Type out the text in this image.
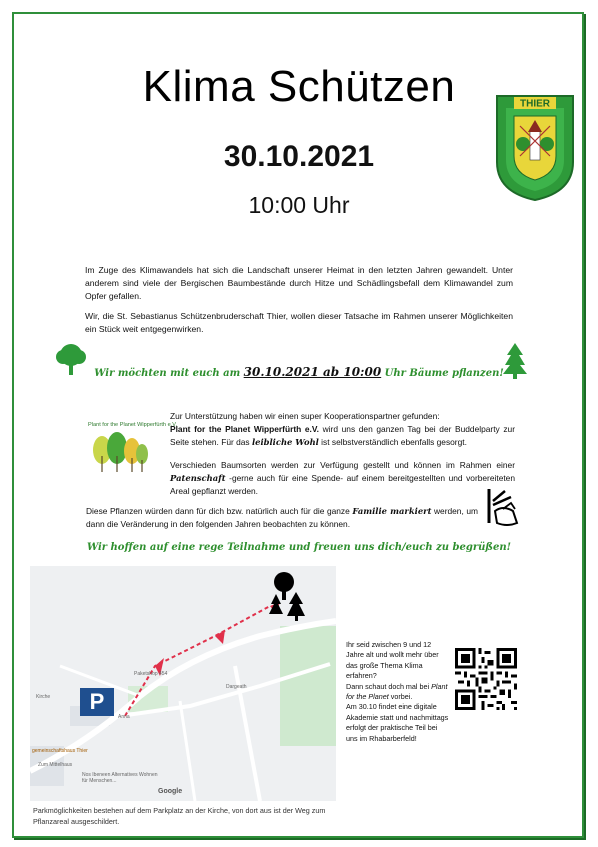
Klima Schützen
30.10.2021
10:00 Uhr
THIER

Im Zuge des Klimawandels hat sich die Landschaft unserer Heimat in den letzten Jahren gewandelt. Unter anderem sind viele der Bergischen Baumbestände durch Hitze und Schädlingsbefall dem Klimawandel zum Opfer gefallen.

Wir, die St. Sebastianus Schützenbruderschaft Thier, wollen dieser Tatsache im Rahmen unserer Möglichkeiten ein Stück weit entgegenwirken.

Wir möchten mit euch am 30.10.2021 ab 10:00 Uhr Bäume pflanzen!
Plant for the Planet Wipperfürth e.V.

Zur Unterstützung haben wir einen super Kooperationspartner gefunden:

Plant for the Planet Wipperfürth e.V. wird uns den ganzen Tag bei der Buddelparty zur Seite stehen. Für das leibliche Wohl ist selbstverständlich ebenfalls gesorgt.

Verschieden Baumsorten werden zur Verfügung gestellt und können im Rahmen einer Patenschaft -gerne auch für eine Spende- auf einem bereitgestellten und vorbereiteten Areal gepflanzt werden.

Diese Pflanzen würden dann für dich bzw. natürlich auch für die ganze Familie markiert werden, um dann die Veränderung in den folgenden Jahren beobachten zu können.

Wir hoffen auf eine rege Teilnahme und freuen uns dich/euch zu begrüßen!
P
Paketshop 454
Kirche
Anna
Dargeath
gemeinschaftshaus Thier
Zum Mittelhaus
Nos Ibeneen Alternatives Wohnen für Menschen...
Google

Ihr seid zwischen 9 und 12 Jahre alt und wollt mehr über das große Thema Klima erfahren?
Dann schaut doch mal bei Plant for the Planet vorbei.
Am 30.10 findet eine digitale Akademie statt und nachmittags erfolgt der praktische Teil bei uns im Rhabarberfeld!

Parkmöglichkeiten bestehen auf dem Parkplatz an der Kirche, von dort aus ist der Weg zum Pflanzareal ausgeschildert.
